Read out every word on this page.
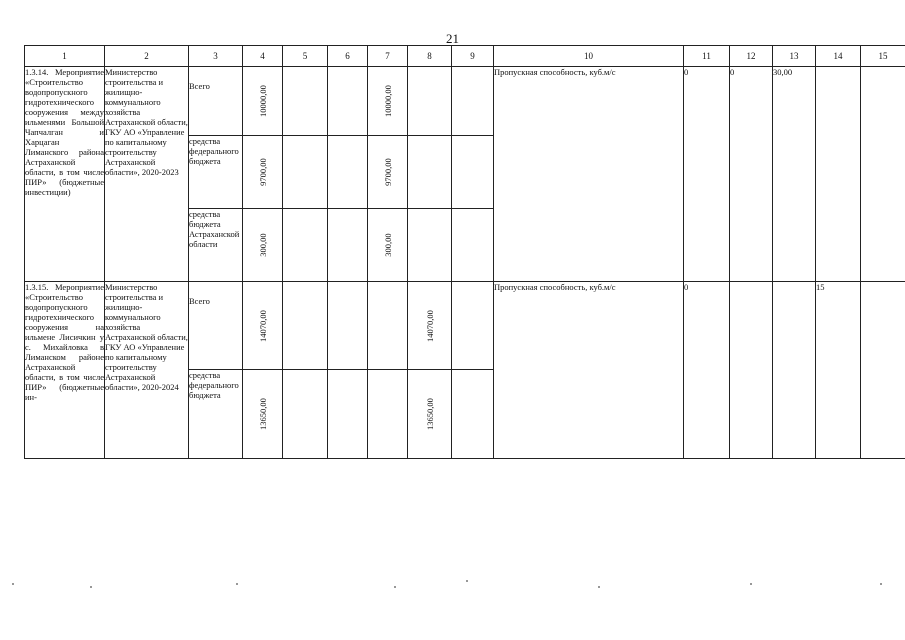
21
1	2	3	4	5	6	7	8	9	10	11	12	13	14	15
1.3.14. Мероприятие «Строительство водопропускного гидротехнического сооружения между ильменями Большой Чапчалган и Харцаган Лиманского района Астраханской области, в том числе ПИР» (бюджетные инвестиции)	Министерство строительства и жилищно-коммунального хозяйства Астраханской области, ГКУ АО «Управление по капитальному строительству Астраханской области», 2020-2023	Всего	10000,00			10000,00			Пропускная способность, куб.м/с	0	0	30,00		
		средства федерального бюджета	9700,00			9700,00								

		средства бюджета Астраханской области	300,00			300,00								

1.3.15. Мероприятие «Строительство водопропускного гидротехнического сооружения на ильмене Лисичкин у с. Михайловка в Лиманском районе Астраханской области, в том числе ПИР» (бюджетные ин-	Министерство строительства и жилищно-коммунального хозяйства Астраханской области, ГКУ АО «Управление по капитальному строительству Астраханской области», 2020-2024	Всего	14070,00				14070,00		Пропускная способность, куб.м/с	0			15	
		средства федерального бюджета	13650,00				13650,00							
